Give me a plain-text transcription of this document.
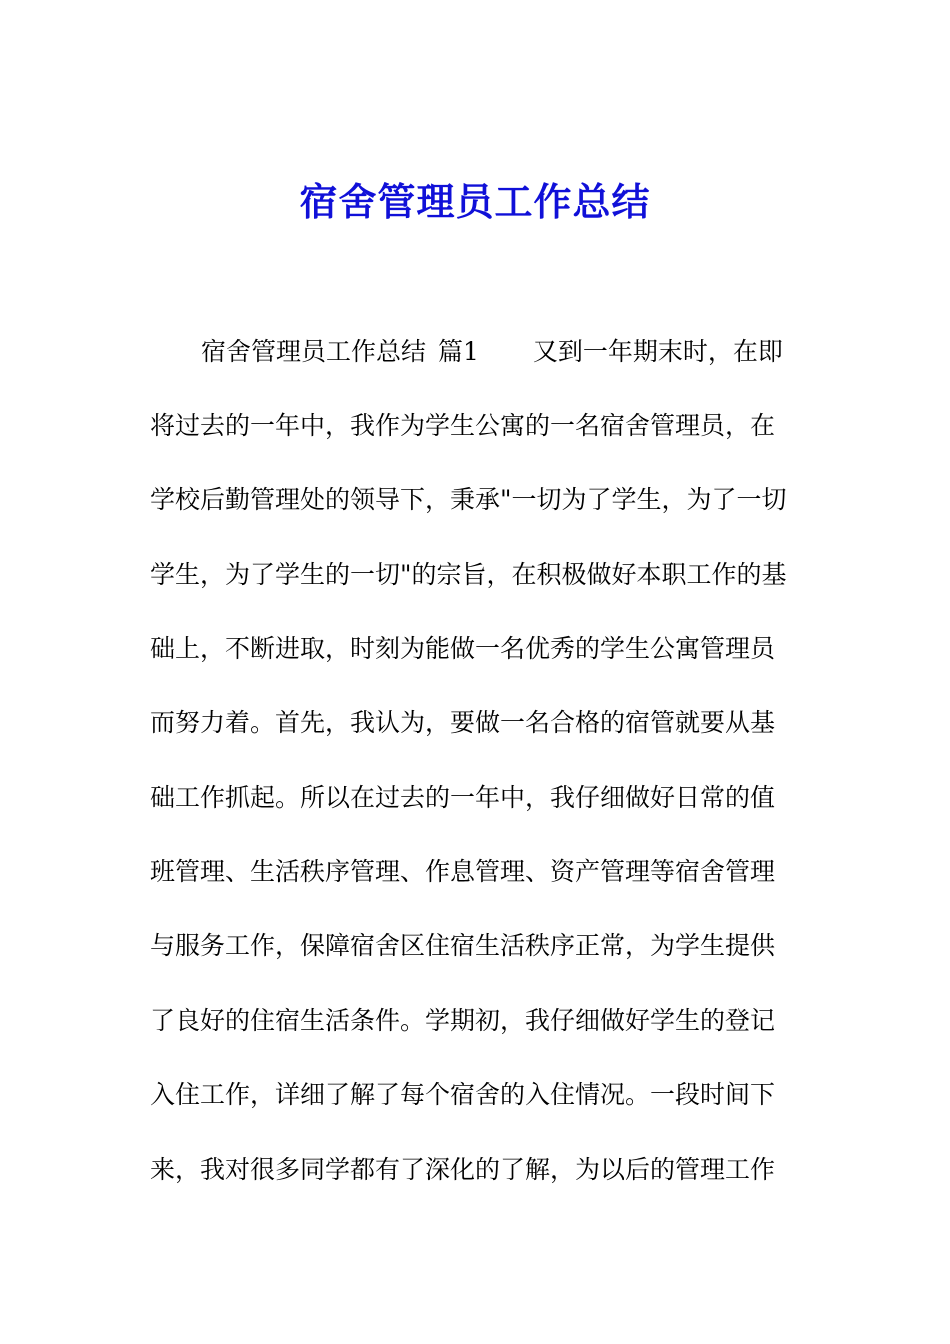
宿舍管理员工作总结
宿舍管理员工作总结 篇1 又到一年期末时，在即
将过去的一年中，我作为学生公寓的一名宿舍管理员，在
学校后勤管理处的领导下，秉承"一切为了学生，为了一切
学生，为了学生的一切"的宗旨，在积极做好本职工作的基
础上，不断进取，时刻为能做一名优秀的学生公寓管理员
而努力着。首先，我认为，要做一名合格的宿管就要从基
础工作抓起。所以在过去的一年中，我仔细做好日常的值
班管理、生活秩序管理、作息管理、资产管理等宿舍管理
与服务工作，保障宿舍区住宿生活秩序正常，为学生提供
了良好的住宿生活条件。学期初，我仔细做好学生的登记
入住工作，详细了解了每个宿舍的入住情况。一段时间下
来，我对很多同学都有了深化的了解，为以后的管理工作
